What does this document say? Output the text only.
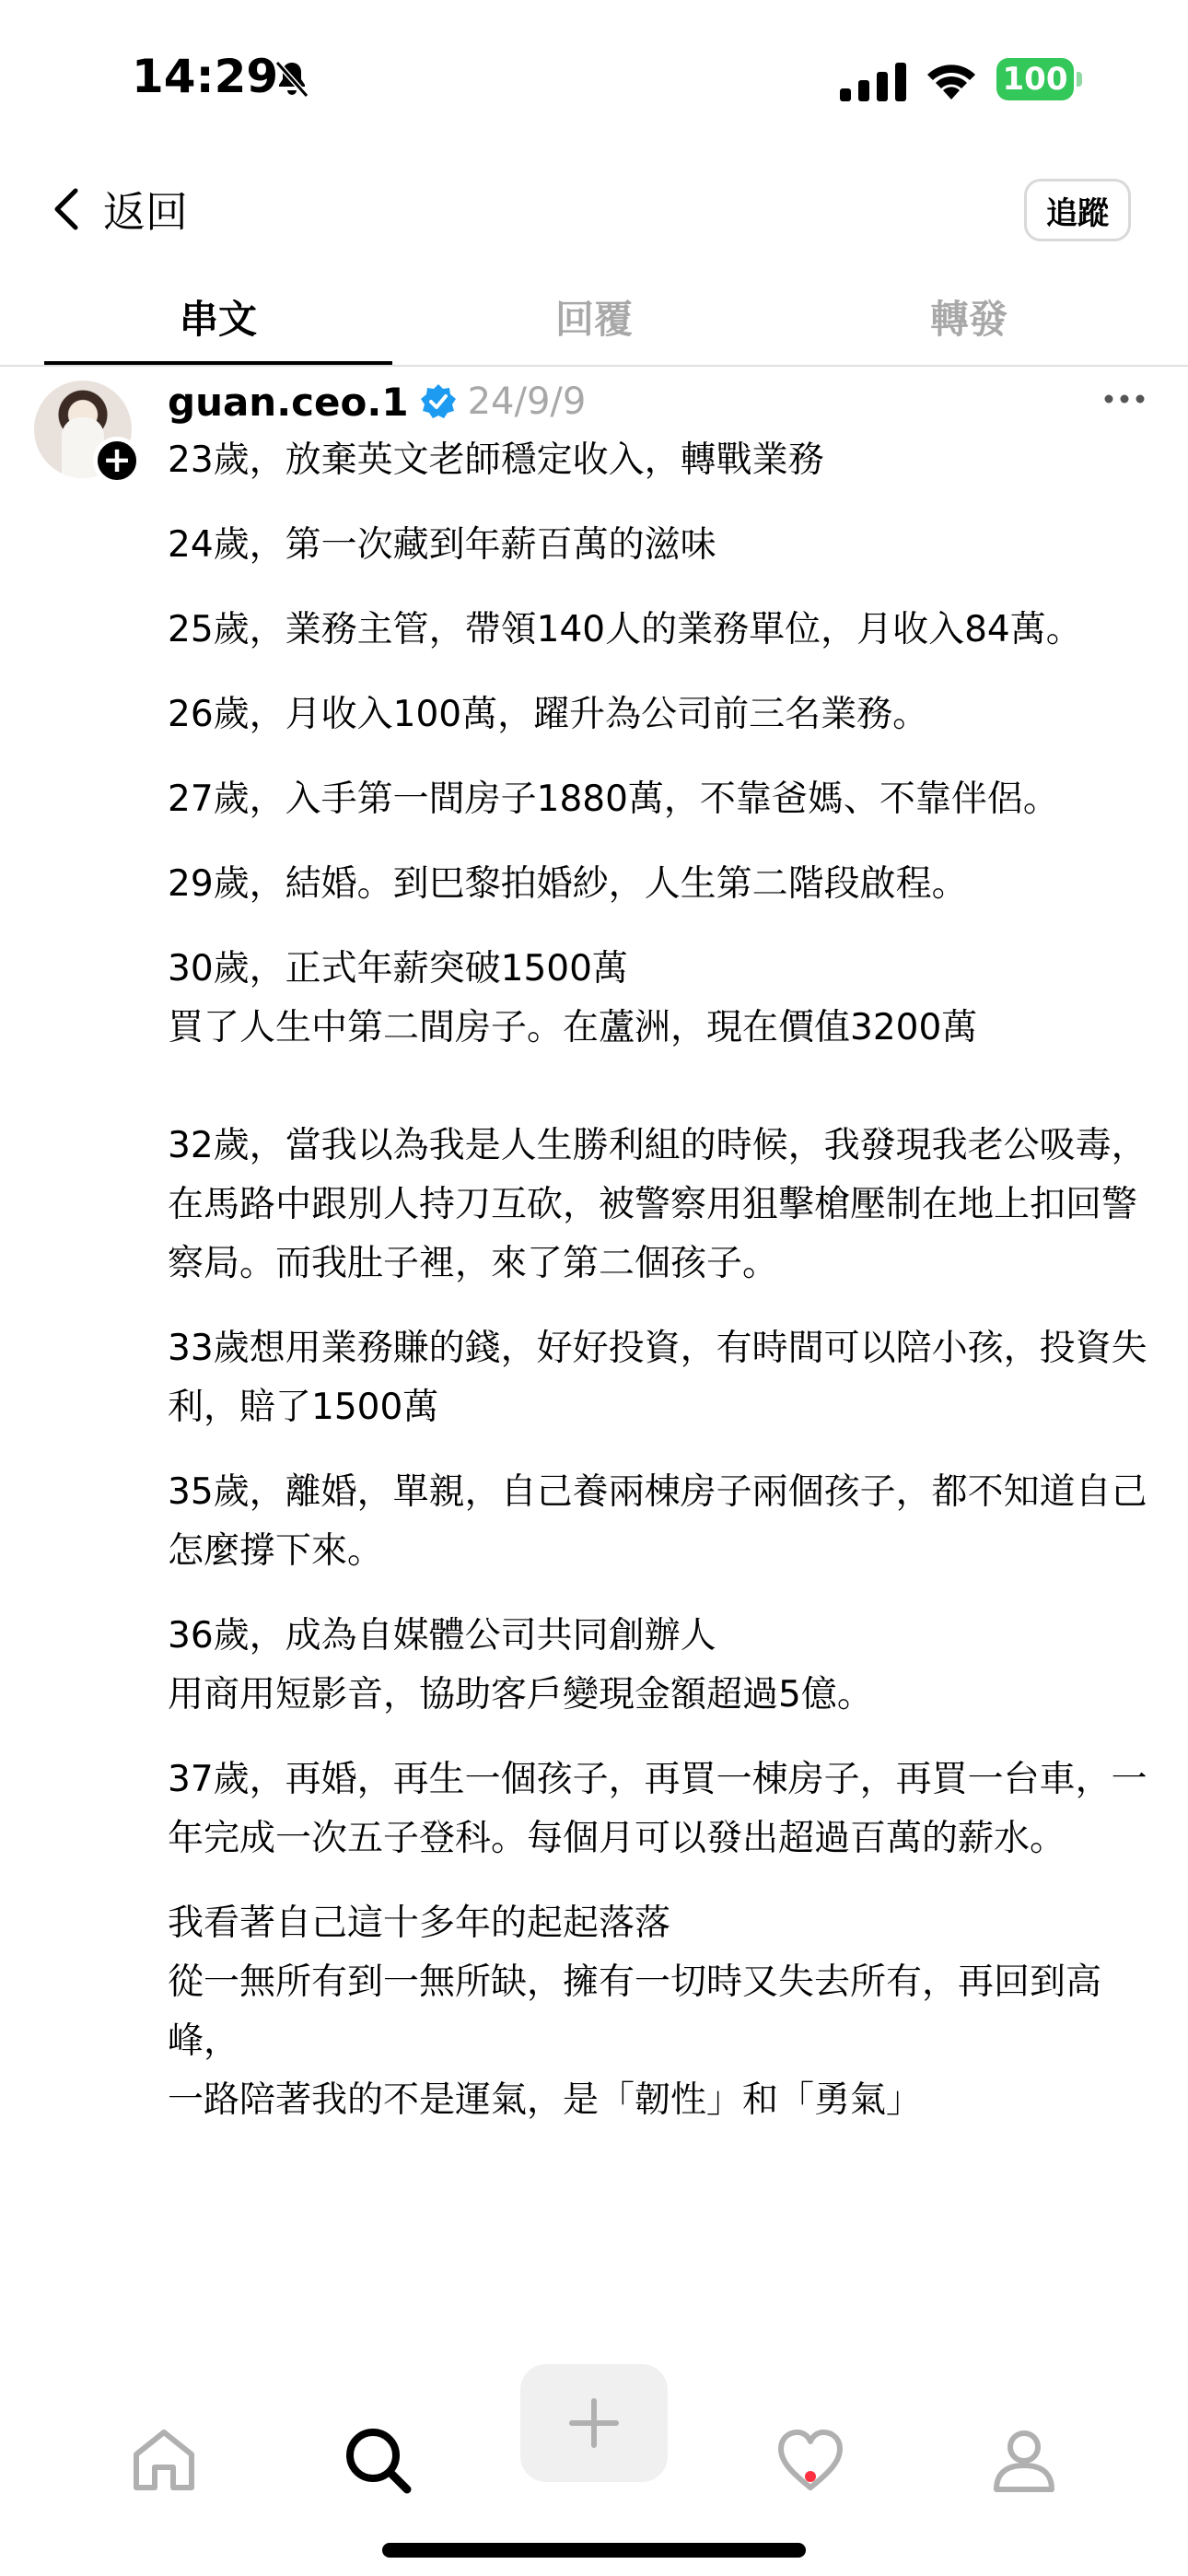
14:29	100
返回	追蹤
串文	回覆	轉發
+
guan.ceo.1 24/9/9

23歲，放棄英文老師穩定收入，轉戰業務

24歲，第一次藏到年薪百萬的滋味

25歲，業務主管，帶領140人的業務單位，月收入84萬。

26歲，月收入100萬，躍升為公司前三名業務。

27歲，入手第一間房子1880萬，不靠爸媽、不靠伴侶。

29歲，結婚。到巴黎拍婚紗，人生第二階段啟程。

30歲，正式年薪突破1500萬
買了人生中第二間房子。在蘆洲，現在價值3200萬

32歲，當我以為我是人生勝利組的時候，我發現我老公吸毒，在馬路中跟別人持刀互砍，被警察用狙擊槍壓制在地上扣回警察局。而我肚子裡，來了第二個孩子。

33歲想用業務賺的錢，好好投資，有時間可以陪小孩，投資失利，賠了1500萬

35歲，離婚，單親，自己養兩棟房子兩個孩子，都不知道自己怎麼撐下來。

36歲，成為自媒體公司共同創辦人
用商用短影音，協助客戶變現金額超過5億。

37歲，再婚，再生一個孩子，再買一棟房子，再買一台車，一年完成一次五子登科。每個月可以發出超過百萬的薪水。

我看著自己這十多年的起起落落
從一無所有到一無所缺，擁有一切時又失去所有，再回到高峰，
一路陪著我的不是運氣，是「韌性」和「勇氣」
